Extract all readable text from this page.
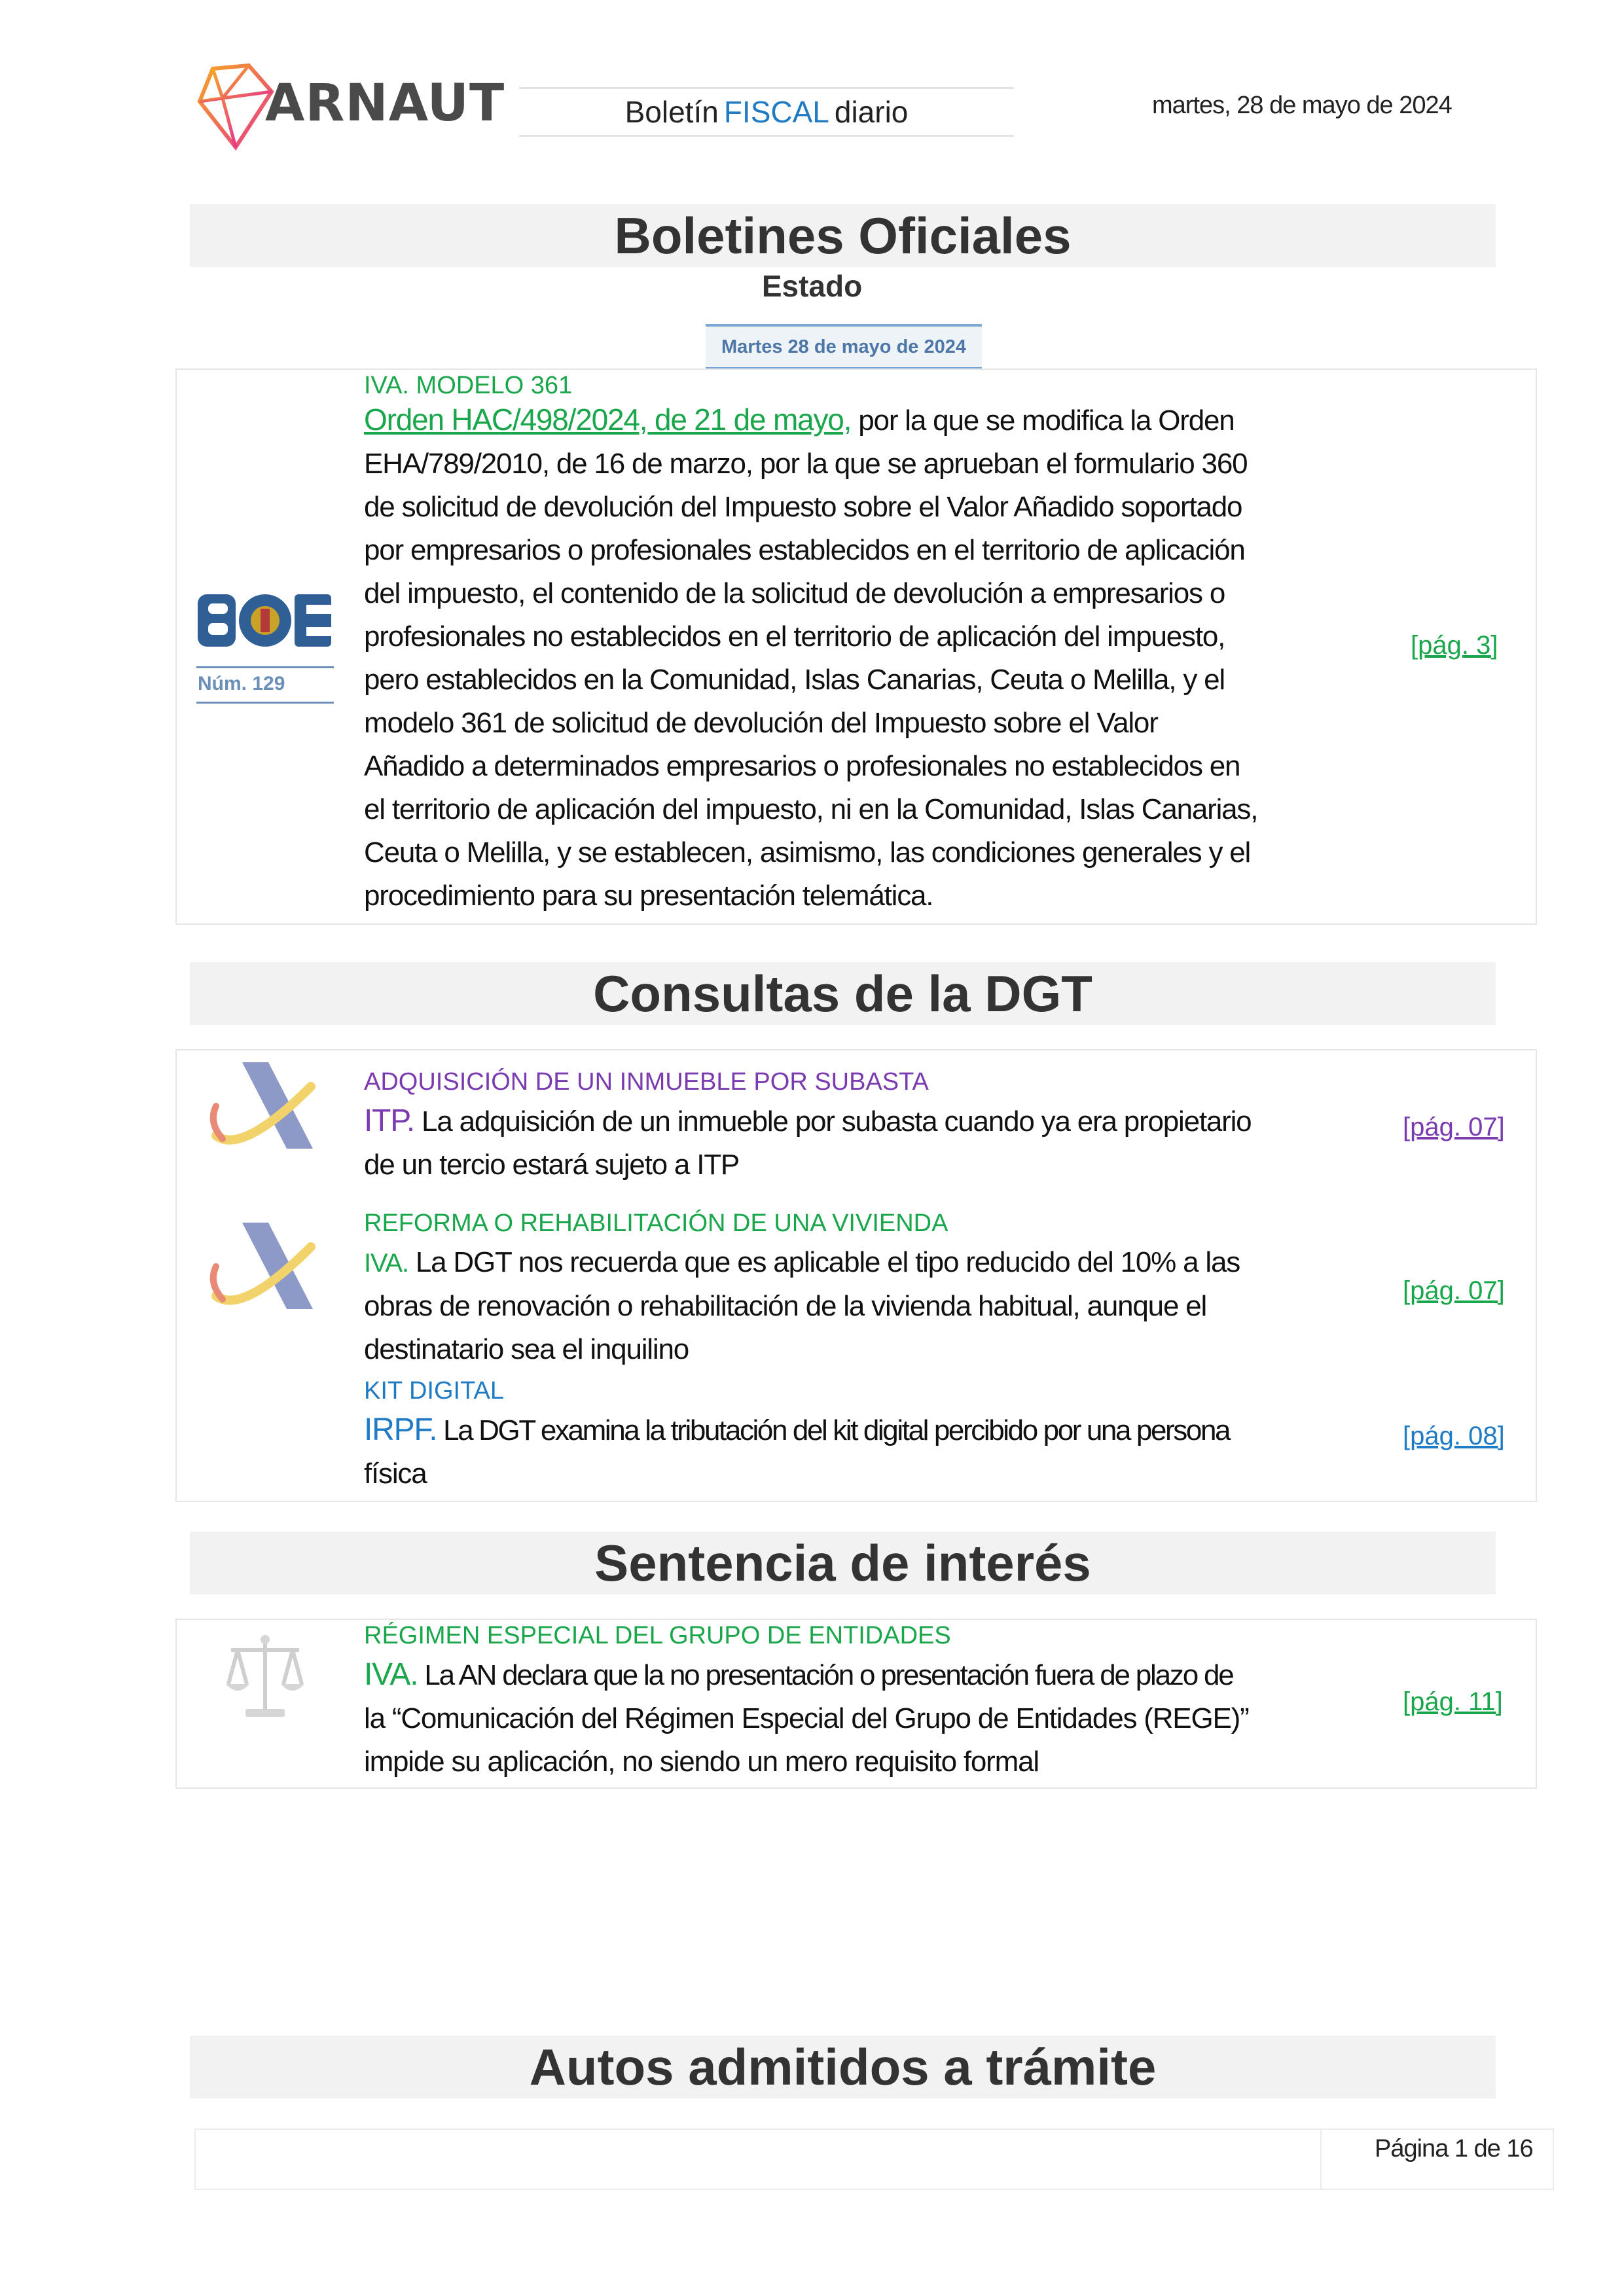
ARNAUT	Boletín FISCAL diario	martes, 28 de mayo de 2024
Boletines Oficiales
Estado
Martes 28 de mayo de 2024
Núm. 129
IVA. MODELO 361
Orden HAC/498/2024, de 21 de mayo, por la que se modifica la Orden
EHA/789/2010, de 16 de marzo, por la que se aprueban el formulario 360
de solicitud de devolución del Impuesto sobre el Valor Añadido soportado
por empresarios o profesionales establecidos en el territorio de aplicación
del impuesto, el contenido de la solicitud de devolución a empresarios o
profesionales no establecidos en el territorio de aplicación del impuesto,
pero establecidos en la Comunidad, Islas Canarias, Ceuta o Melilla, y el
modelo 361 de solicitud de devolución del Impuesto sobre el Valor
Añadido a determinados empresarios o profesionales no establecidos en
el territorio de aplicación del impuesto, ni en la Comunidad, Islas Canarias,
Ceuta o Melilla, y se establecen, asimismo, las condiciones generales y el
procedimiento para su presentación telemática.
[pág. 3]
Consultas de la DGT
ADQUISICIÓN DE UN INMUEBLE POR SUBASTA
ITP. La adquisición de un inmueble por subasta cuando ya era propietario
de un tercio estará sujeto a ITP
[pág. 07]
REFORMA O REHABILITACIÓN DE UNA VIVIENDA
IVA. La DGT nos recuerda que es aplicable el tipo reducido del 10% a las
obras de renovación o rehabilitación de la vivienda habitual, aunque el
destinatario sea el inquilino
[pág. 07]
KIT DIGITAL
IRPF. La DGT examina la tributación del kit digital percibido por una persona
física
[pág. 08]
Sentencia de interés
RÉGIMEN ESPECIAL DEL GRUPO DE ENTIDADES
IVA. La AN declara que la no presentación o presentación fuera de plazo de
la “Comunicación del Régimen Especial del Grupo de Entidades (REGE)”
impide su aplicación, no siendo un mero requisito formal
[pág. 11]
Autos admitidos a trámite
Página 1 de 16
